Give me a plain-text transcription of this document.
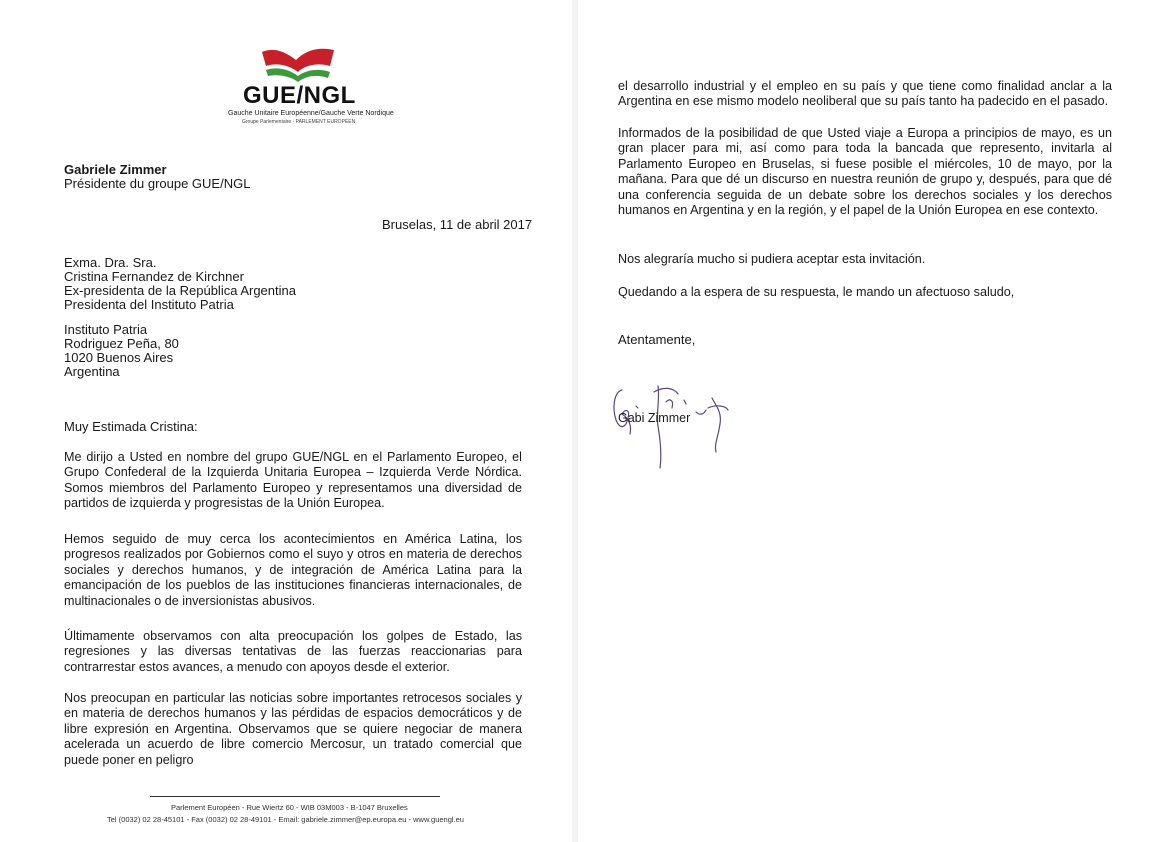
GUE/NGL
Gauche Unitaire Européenne/Gauche Verte Nordique
Groupe Parlementaire · PARLEMENT EUROPÉEN
Gabriele Zimmer
Présidente du groupe GUE/NGL
Bruselas, 11 de abril 2017
Exma. Dra. Sra.
Cristina Fernandez de Kirchner
Ex-presidenta de la República Argentina
Presidenta del Instituto Patria
Instituto Patria
Rodriguez Peña, 80
1020 Buenos Aires
Argentina
Muy Estimada Cristina:
Me dirijo a Usted en nombre del grupo GUE/NGL en el Parlamento Europeo, el Grupo Confederal de la Izquierda Unitaria Europea – Izquierda Verde Nórdica. Somos miembros del Parlamento Europeo y representamos una diversidad de partidos de izquierda y progresistas de la Unión Europea.
Hemos seguido de muy cerca los acontecimientos en América Latina, los progresos realizados por Gobiernos como el suyo y otros en materia de derechos sociales y derechos humanos, y de integración de América Latina para la emancipación de los pueblos de las instituciones financieras internacionales, de multinacionales o de inversionistas abusivos.
Últimamente observamos con alta preocupación los golpes de Estado, las regresiones y las diversas tentativas de las fuerzas reaccionarias para contrarrestar estos avances, a menudo con apoyos desde el exterior.
Nos preocupan en particular las noticias sobre importantes retrocesos sociales y en materia de derechos humanos y las pérdidas de espacios democráticos y de libre expresión en Argentina. Observamos que se quiere negociar de manera acelerada un acuerdo de libre comercio Mercosur, un tratado comercial que puede poner en peligro
Parlement Européen - Rue Wiertz 60 - WIB 03M003 - B-1047 Bruxelles
Tel (0032) 02 28-45101 - Fax (0032) 02 28-49101 - Email: gabriele.zimmer@ep.europa.eu - www.guengl.eu
el desarrollo industrial y el empleo en su país y que tiene como finalidad anclar a la Argentina en ese mismo modelo neoliberal que su país tanto ha padecido en el pasado.
Informados de la posibilidad de que Usted viaje a Europa a principios de mayo, es un gran placer para mi, así como para toda la bancada que represento, invitarla al Parlamento Europeo en Bruselas, si fuese posible el miércoles, 10 de mayo, por la mañana. Para que dé un discurso en nuestra reunión de grupo y, después, para que dé una conferencia seguida de un debate sobre los derechos sociales y los derechos humanos en Argentina y en la región, y el papel de la Unión Europea en ese contexto.
Nos alegraría mucho si pudiera aceptar esta invitación.
Quedando a la espera de su respuesta, le mando un afectuoso saludo,
Atentamente,
Gabi Zimmer
